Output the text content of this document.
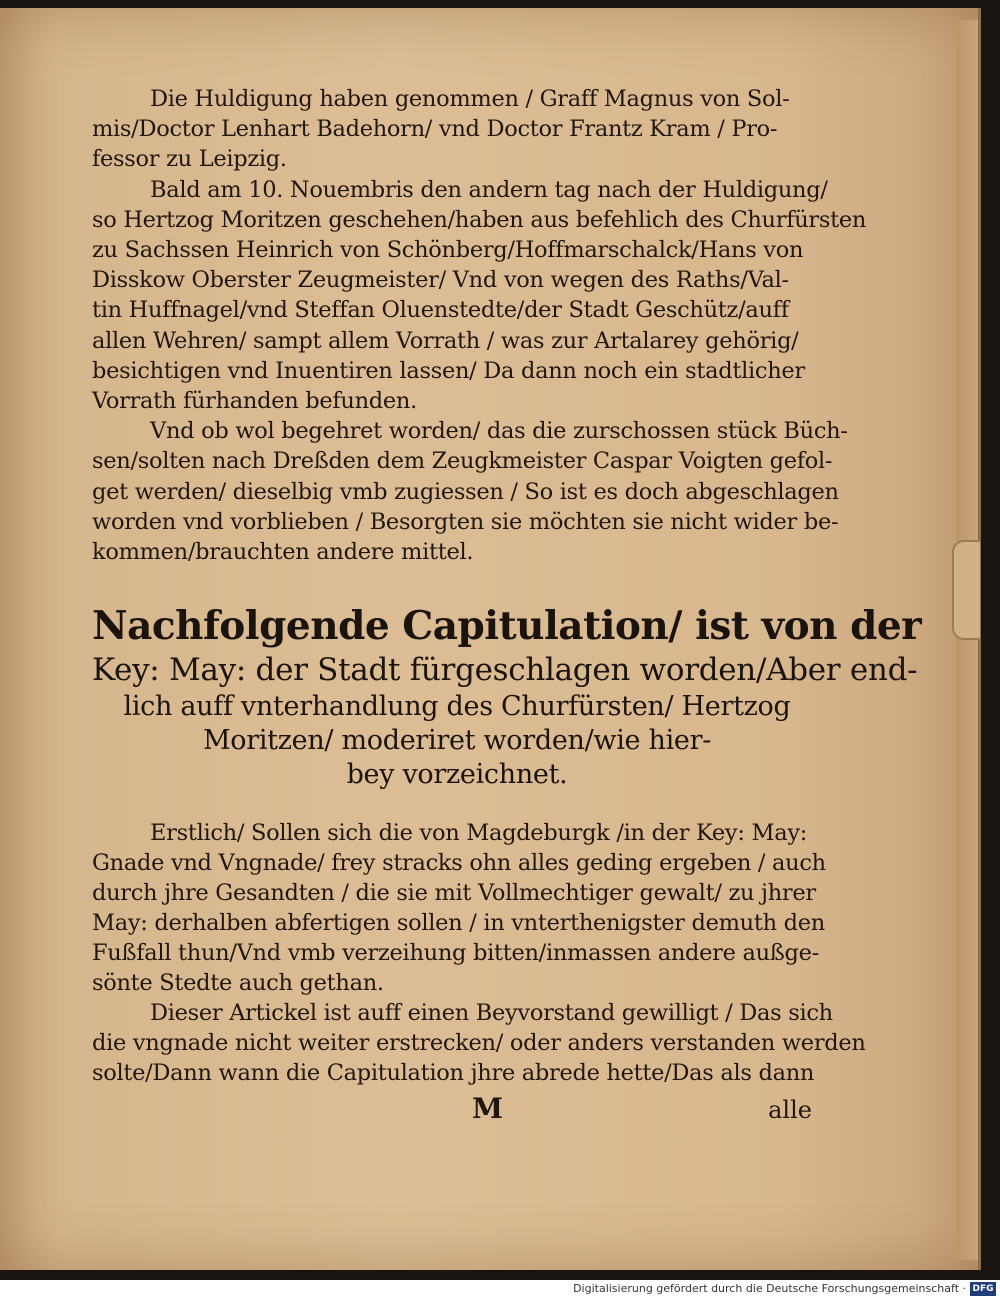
Die Huldigung haben genommen / Graff Magnus von Sol-
mis/Doctor Lenhart Badehorn/ vnd Doctor Frantz Kram / Pro-
fessor zu Leipzig.
Bald am 10. Nouembris den andern tag nach der Huldigung/
so Hertzog Moritzen geschehen/haben aus befehlich des Churfürsten
zu Sachssen Heinrich von Schönberg/Hoffmarschalck/Hans von
Disskow Oberster Zeugmeister/ Vnd von wegen des Raths/Val-
tin Huffnagel/vnd Steffan Oluenstedte/der Stadt Geschütz/auff
allen Wehren/ sampt allem Vorrath / was zur Artalarey gehörig/
besichtigen vnd Inuentiren lassen/ Da dann noch ein stadtlicher
Vorrath fürhanden befunden.
Vnd ob wol begehret worden/ das die zurschossen stück Büch-
sen/solten nach Dreßden dem Zeugkmeister Caspar Voigten gefol-
get werden/ dieselbig vmb zugiessen / So ist es doch abgeschlagen
worden vnd vorblieben / Besorgten sie möchten sie nicht wider be-
kommen/brauchten andere mittel.
Nachfolgende Capitulation/ ist von der
Key: May: der Stadt fürgeschlagen worden/Aber end-
lich auff vnterhandlung des Churfürsten/ Hertzog
Moritzen/ moderiret worden/wie hier-
bey vorzeichnet.
Erstlich/ Sollen sich die von Magdeburgk /in der Key: May:
Gnade vnd Vngnade/ frey stracks ohn alles geding ergeben / auch
durch jhre Gesandten / die sie mit Vollmechtiger gewalt/ zu jhrer
May: derhalben abfertigen sollen / in vnterthenigster demuth den
Fußfall thun/Vnd vmb verzeihung bitten/inmassen andere außge-
sönte Stedte auch gethan.
Dieser Artickel ist auff einen Beyvorstand gewilligt / Das sich
die vngnade nicht weiter erstrecken/ oder anders verstanden werden
solte/Dann wann die Capitulation jhre abrede hette/Das als dann
M	alle
Digitalisierung gefördert durch die Deutsche Forschungsgemeinschaft · DFG
